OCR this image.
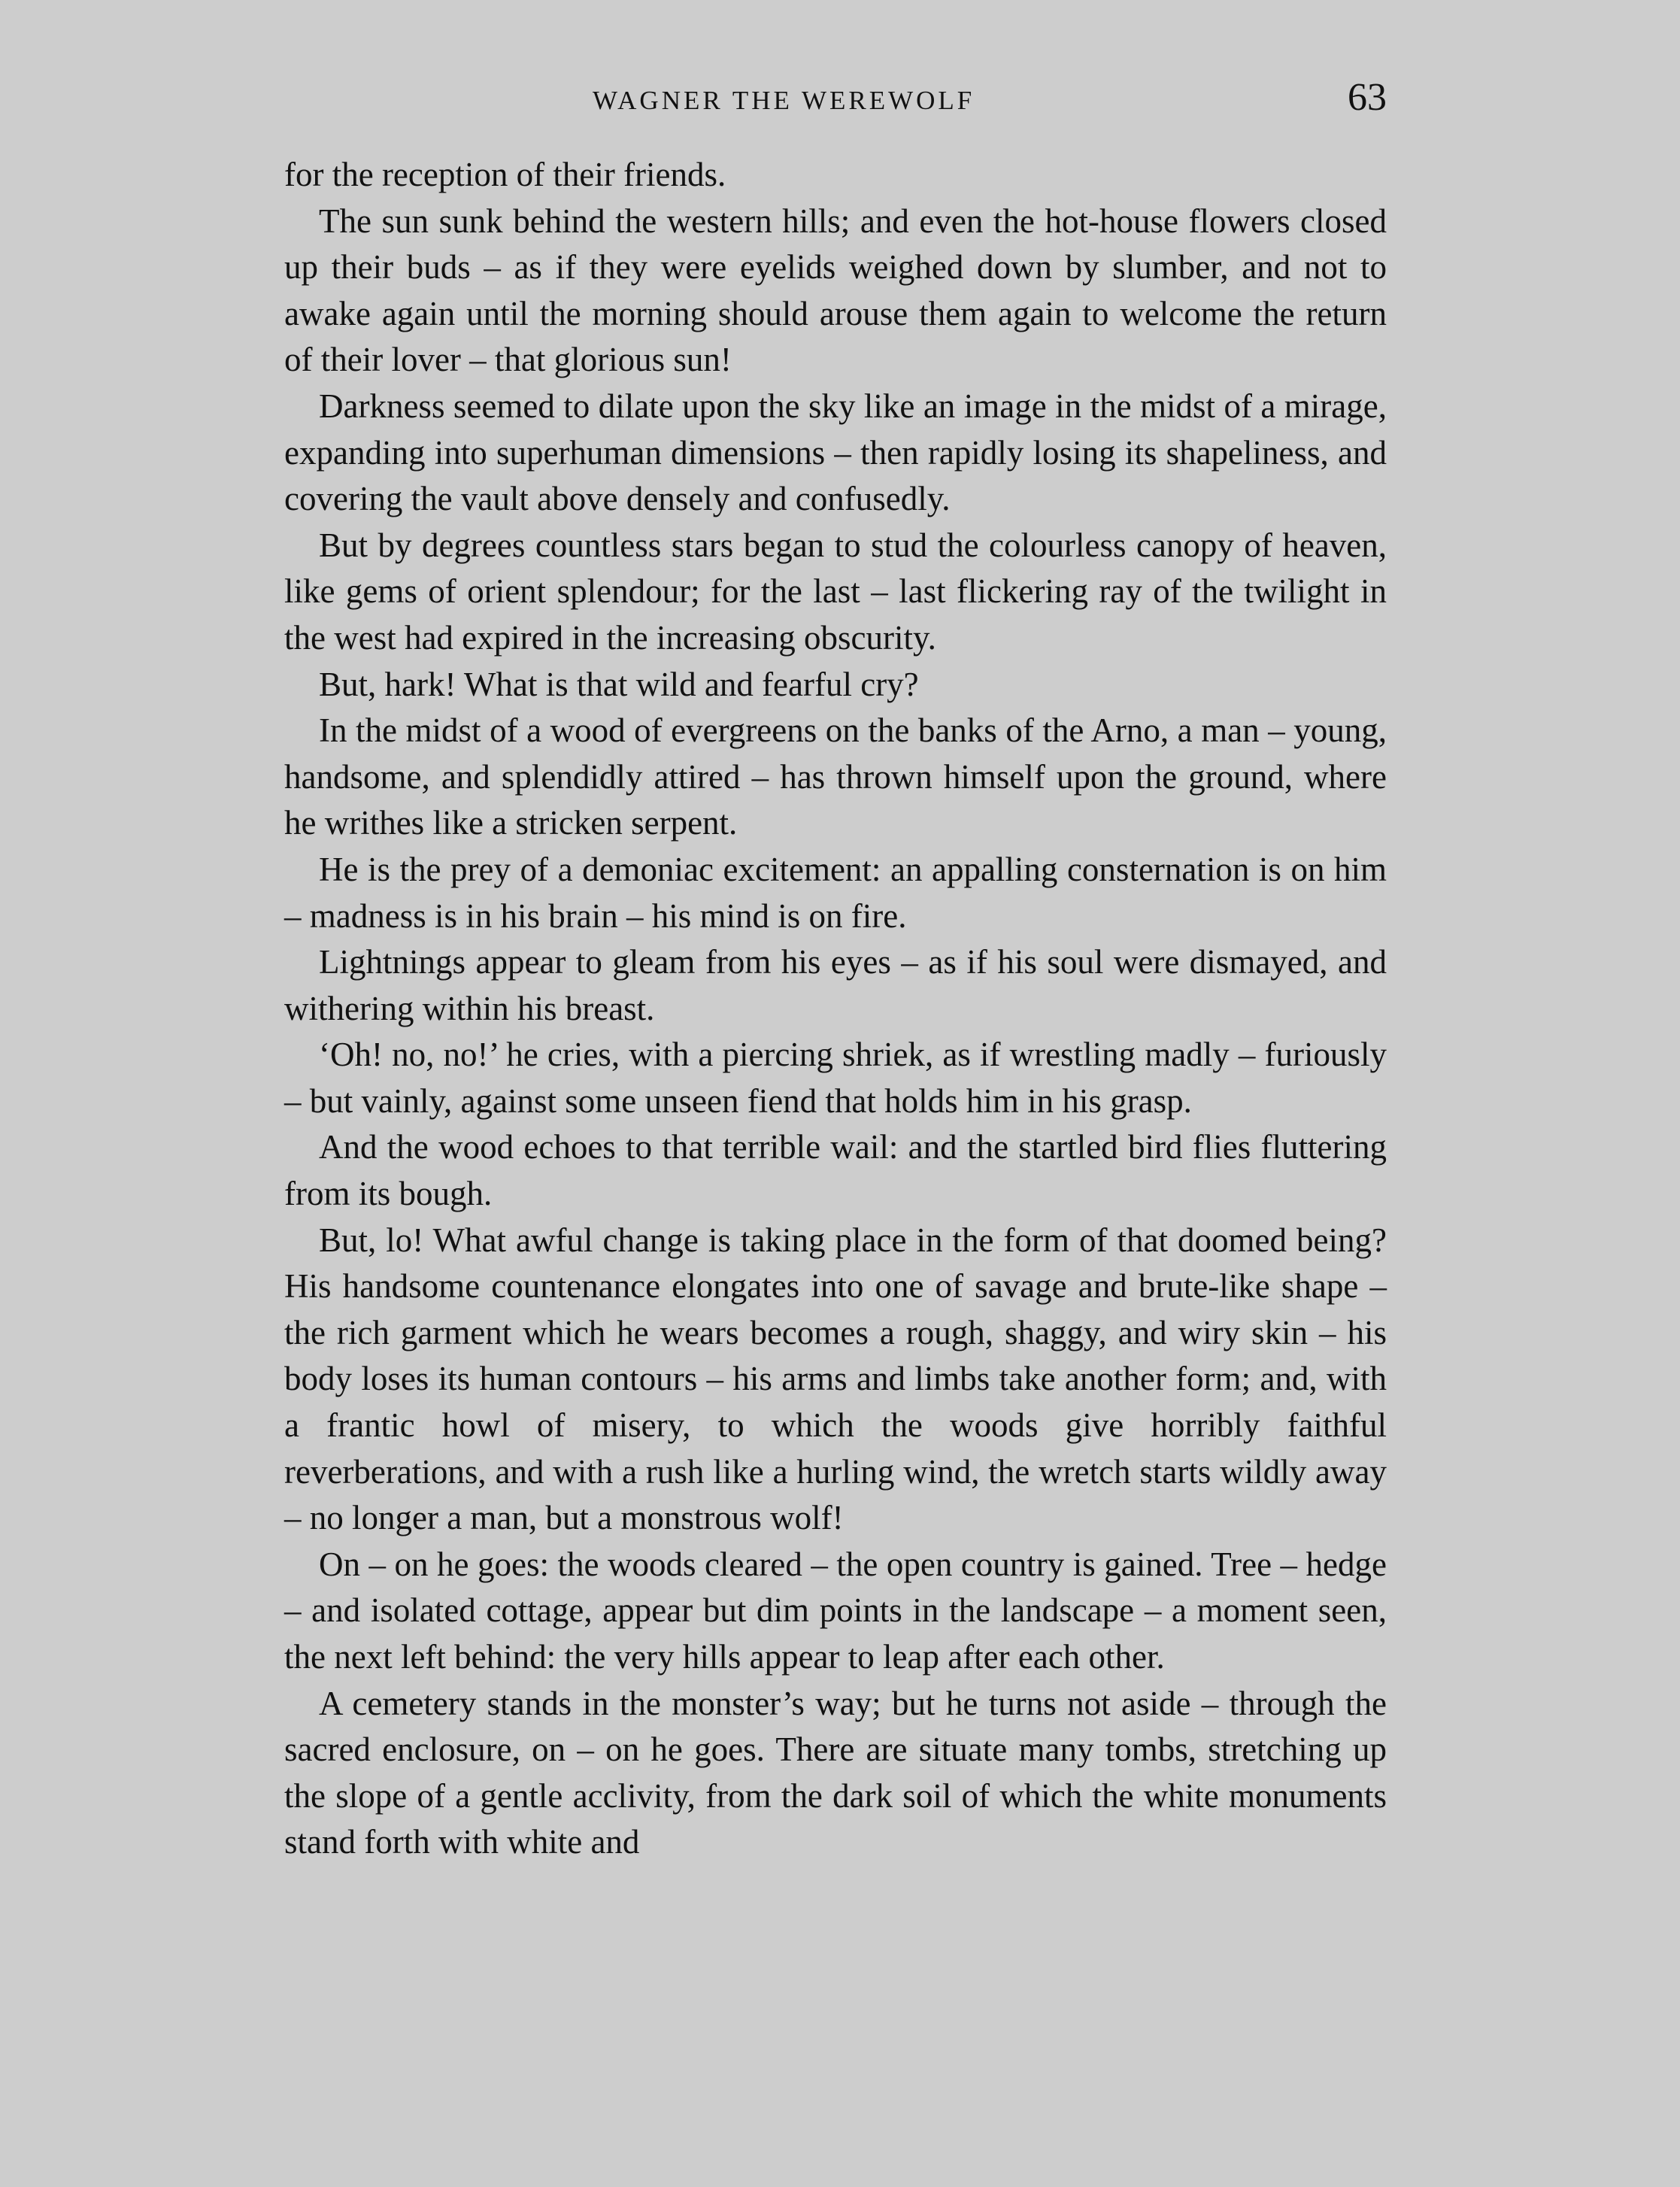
WAGNER THE WEREWOLF	63

for the reception of their friends.

The sun sunk behind the western hills; and even the hot-house flowers closed up their buds – as if they were eyelids weighed down by slumber, and not to awake again until the morning should arouse them again to welcome the return of their lover – that glorious sun!

Darkness seemed to dilate upon the sky like an image in the midst of a mirage, expanding into superhuman dimensions – then rapidly losing its shapeliness, and covering the vault above densely and confusedly.

But by degrees countless stars began to stud the colourless canopy of heaven, like gems of orient splendour; for the last – last flickering ray of the twilight in the west had expired in the increasing obscurity.

But, hark! What is that wild and fearful cry?

In the midst of a wood of evergreens on the banks of the Arno, a man – young, handsome, and splendidly attired – has thrown himself upon the ground, where he writhes like a stricken serpent.

He is the prey of a demoniac excitement: an appalling consternation is on him – madness is in his brain – his mind is on fire.

Lightnings appear to gleam from his eyes – as if his soul were dismayed, and withering within his breast.

‘Oh! no, no!’ he cries, with a piercing shriek, as if wrestling madly – furiously – but vainly, against some unseen fiend that holds him in his grasp.

And the wood echoes to that terrible wail: and the startled bird flies fluttering from its bough.

But, lo! What awful change is taking place in the form of that doomed being? His handsome countenance elongates into one of savage and brute-like shape – the rich garment which he wears becomes a rough, shaggy, and wiry skin – his body loses its human contours – his arms and limbs take another form; and, with a frantic howl of misery, to which the woods give horribly faithful reverberations, and with a rush like a hurling wind, the wretch starts wildly away – no longer a man, but a monstrous wolf!

On – on he goes: the woods cleared – the open country is gained. Tree – hedge – and isolated cottage, appear but dim points in the landscape – a moment seen, the next left behind: the very hills appear to leap after each other.

A cemetery stands in the monster’s way; but he turns not aside – through the sacred enclosure, on – on he goes. There are situate many tombs, stretching up the slope of a gentle acclivity, from the dark soil of which the white monuments stand forth with white and
